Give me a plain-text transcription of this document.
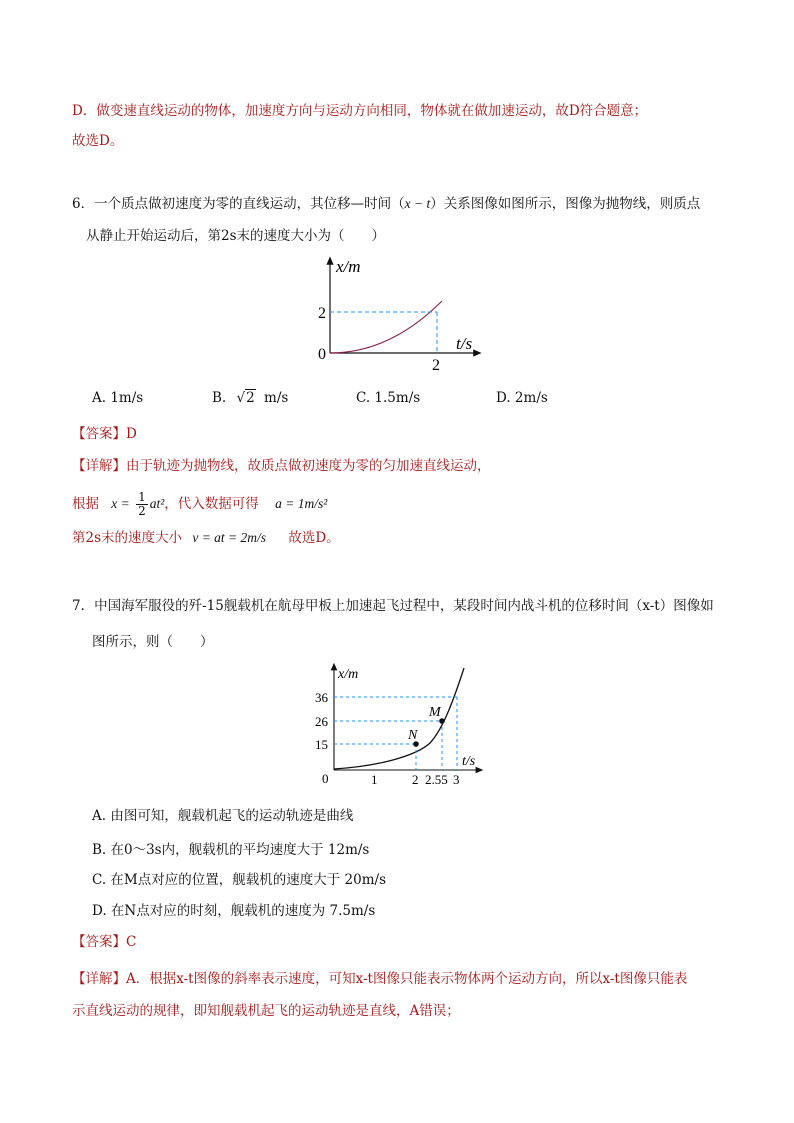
D．做变速直线运动的物体，加速度方向与运动方向相同，物体就在做加速运动，故D符合题意；
故选D。
6．一个质点做初速度为零的直线运动，其位移—时间（x − t）关系图像如图所示，图像为抛物线，则质点
从静止开始运动后，第2s末的速度大小为（　　）
x/m
t/s
0
2
2
A. 1m/s	B. √2 m/s	C. 1.5m/s	D. 2m/s
【答案】D
【详解】由于轨迹为抛物线，故质点做初速度为零的匀加速直线运动，
根据 $x = \frac{1}{2} at^2$，代入数据可得 a = 1m/s²
第2s末的速度大小 v = at = 2m/s 故选D。
7．中国海军服役的歼-15舰载机在航母甲板上加速起飞过程中，某段时间内战斗机的位移时间（x-t）图像如
图所示，则（　　）
M
N
x/m
t/s
0
36
26
15
1	2 2.55 3
A. 由图可知，舰载机起飞的运动轨迹是曲线
B. 在0～3s内，舰载机的平均速度大于 12m/s
C. 在M点对应的位置，舰载机的速度大于 20m/s
D. 在N点对应的时刻，舰载机的速度为 7.5m/s
【答案】C
【详解】A．根据x-t图像的斜率表示速度，可知x-t图像只能表示物体两个运动方向，所以x-t图像只能表
示直线运动的规律，即知舰载机起飞的运动轨迹是直线，A错误；
